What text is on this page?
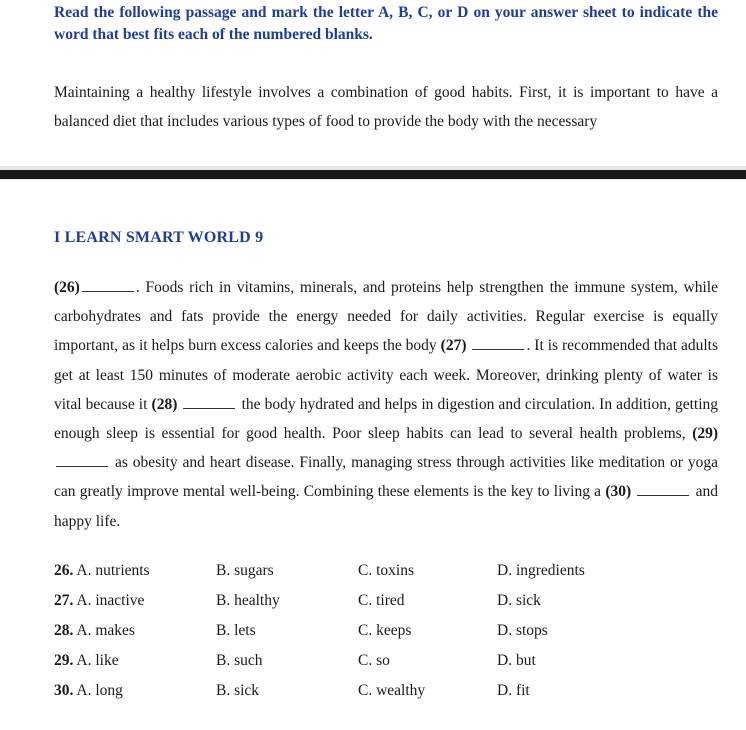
Read the following passage and mark the letter A, B, C, or D on your answer sheet to indicate the word that best fits each of the numbered blanks.
Maintaining a healthy lifestyle involves a combination of good habits. First, it is important to have a balanced diet that includes various types of food to provide the body with the necessary
I LEARN SMART WORLD 9
(26)	. Foods rich in vitamins, minerals, and proteins help strengthen the immune system, while carbohydrates and fats provide the energy needed for daily activities. Regular exercise is equally important, as it helps burn excess calories and keeps the body (27)	. It is recommended that adults get at least 150 minutes of moderate aerobic activity each week. Moreover, drinking plenty of water is vital because it (28)	the body hydrated and helps in digestion and circulation. In addition, getting enough sleep is essential for good health. Poor sleep habits can lead to several health problems, (29)  as obesity and heart disease. Finally, managing stress through activities like meditation or yoga can greatly improve mental well-being. Combining these elements is the key to living a (30)	and happy life.
26. A. nutrients	B. sugars	C. toxins	D. ingredients
27. A. inactive	B. healthy	C. tired	D. sick
28. A. makes	B. lets	C. keeps	D. stops
29. A. like	B. such	C. so	D. but
30. A. long	B. sick	C. wealthy	D. fit
